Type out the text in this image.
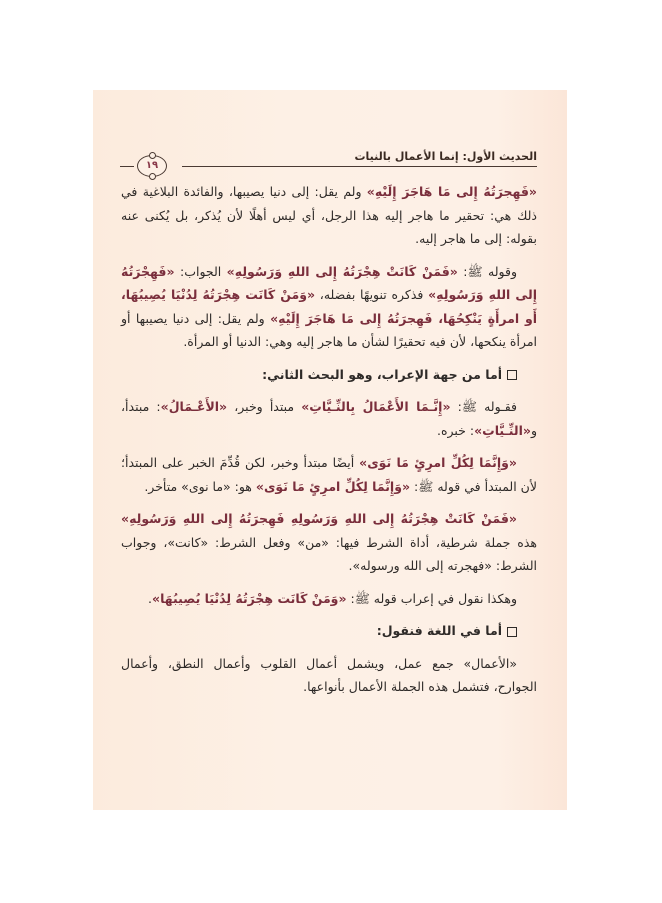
الحديث الأول: إنما الأعمال بالنيات
١٩

«فَهِجرَتُهُ إِلى مَا هَاجَرَ إِلَيْهِ» ولم يقل: إلى دنيا يصيبها، والفائدة البلاغية في ذلك هي: تحقير ما هاجر إليه هذا الرجل، أي ليس أهلًا لأن يُذكر، بل يُكنى عنه بقوله: إلى ما هاجر إليه.

وقوله ﷺ: «فَمَنْ كَانَتْ هِجْرَتُهُ إِلى اللهِ وَرَسُولِهِ» الجواب: «فَهِجْرَتُهُ إِلى اللهِ وَرَسُولِهِ» فذكره تنويهًا بفضله، «وَمَنْ كَانَت هِجْرَتُهُ لِدُنْيَا يُصِيبُهَا، أَو امرأَةٍ يَنْكِحُهَا، فَهِجرَتُهُ إِلى مَا هَاجَرَ إِلَيْهِ» ولم يقل: إلى دنيا يصيبها أو امرأة ينكحها، لأن فيه تحقيرًا لشأن ما هاجر إليه وهي: الدنيا أو المرأة.

أما من جهة الإعراب، وهو البحث الثاني:

فقـوله ﷺ: «إِنَّـمَا الأَعْمَالُ بِالنِّـيَّاتِ» مبتدأ وخبر، «الأَعْـمَالُ»: مبتدأ، و«النِّـيَّاتِ»: خبره.

«وَإِنَّمَا لِكُلِّ امرِئٍ مَا نَوَى» أيضًا مبتدأ وخبر، لكن قُدِّمَ الخبر على المبتدأ؛ لأن المبتدأ في قوله ﷺ: «وَإِنَّمَا لِكُلِّ امرِئٍ مَا نَوَى» هو: «ما نوى» متأخر.

«فَمَنْ كَانَتْ هِجْرَتُهُ إِلى اللهِ وَرَسُولِهِ فَهِجرَتُهُ إِلى اللهِ وَرَسُولِهِ» هذه جملة شرطية، أداة الشرط فيها: «من» وفعل الشرط: «كانت»، وجواب الشرط: «فهجرته إلى الله ورسوله».

وهكذا نقول في إعراب قوله ﷺ: «وَمَنْ كَانَت هِجْرَتُهُ لِدُنْيَا يُصِيبُهَا».

أما في اللغة فنقول:

«الأعمال» جمع عمل، ويشمل أعمال القلوب وأعمال النطق، وأعمال الجوارح، فتشمل هذه الجملة الأعمال بأنواعها.
